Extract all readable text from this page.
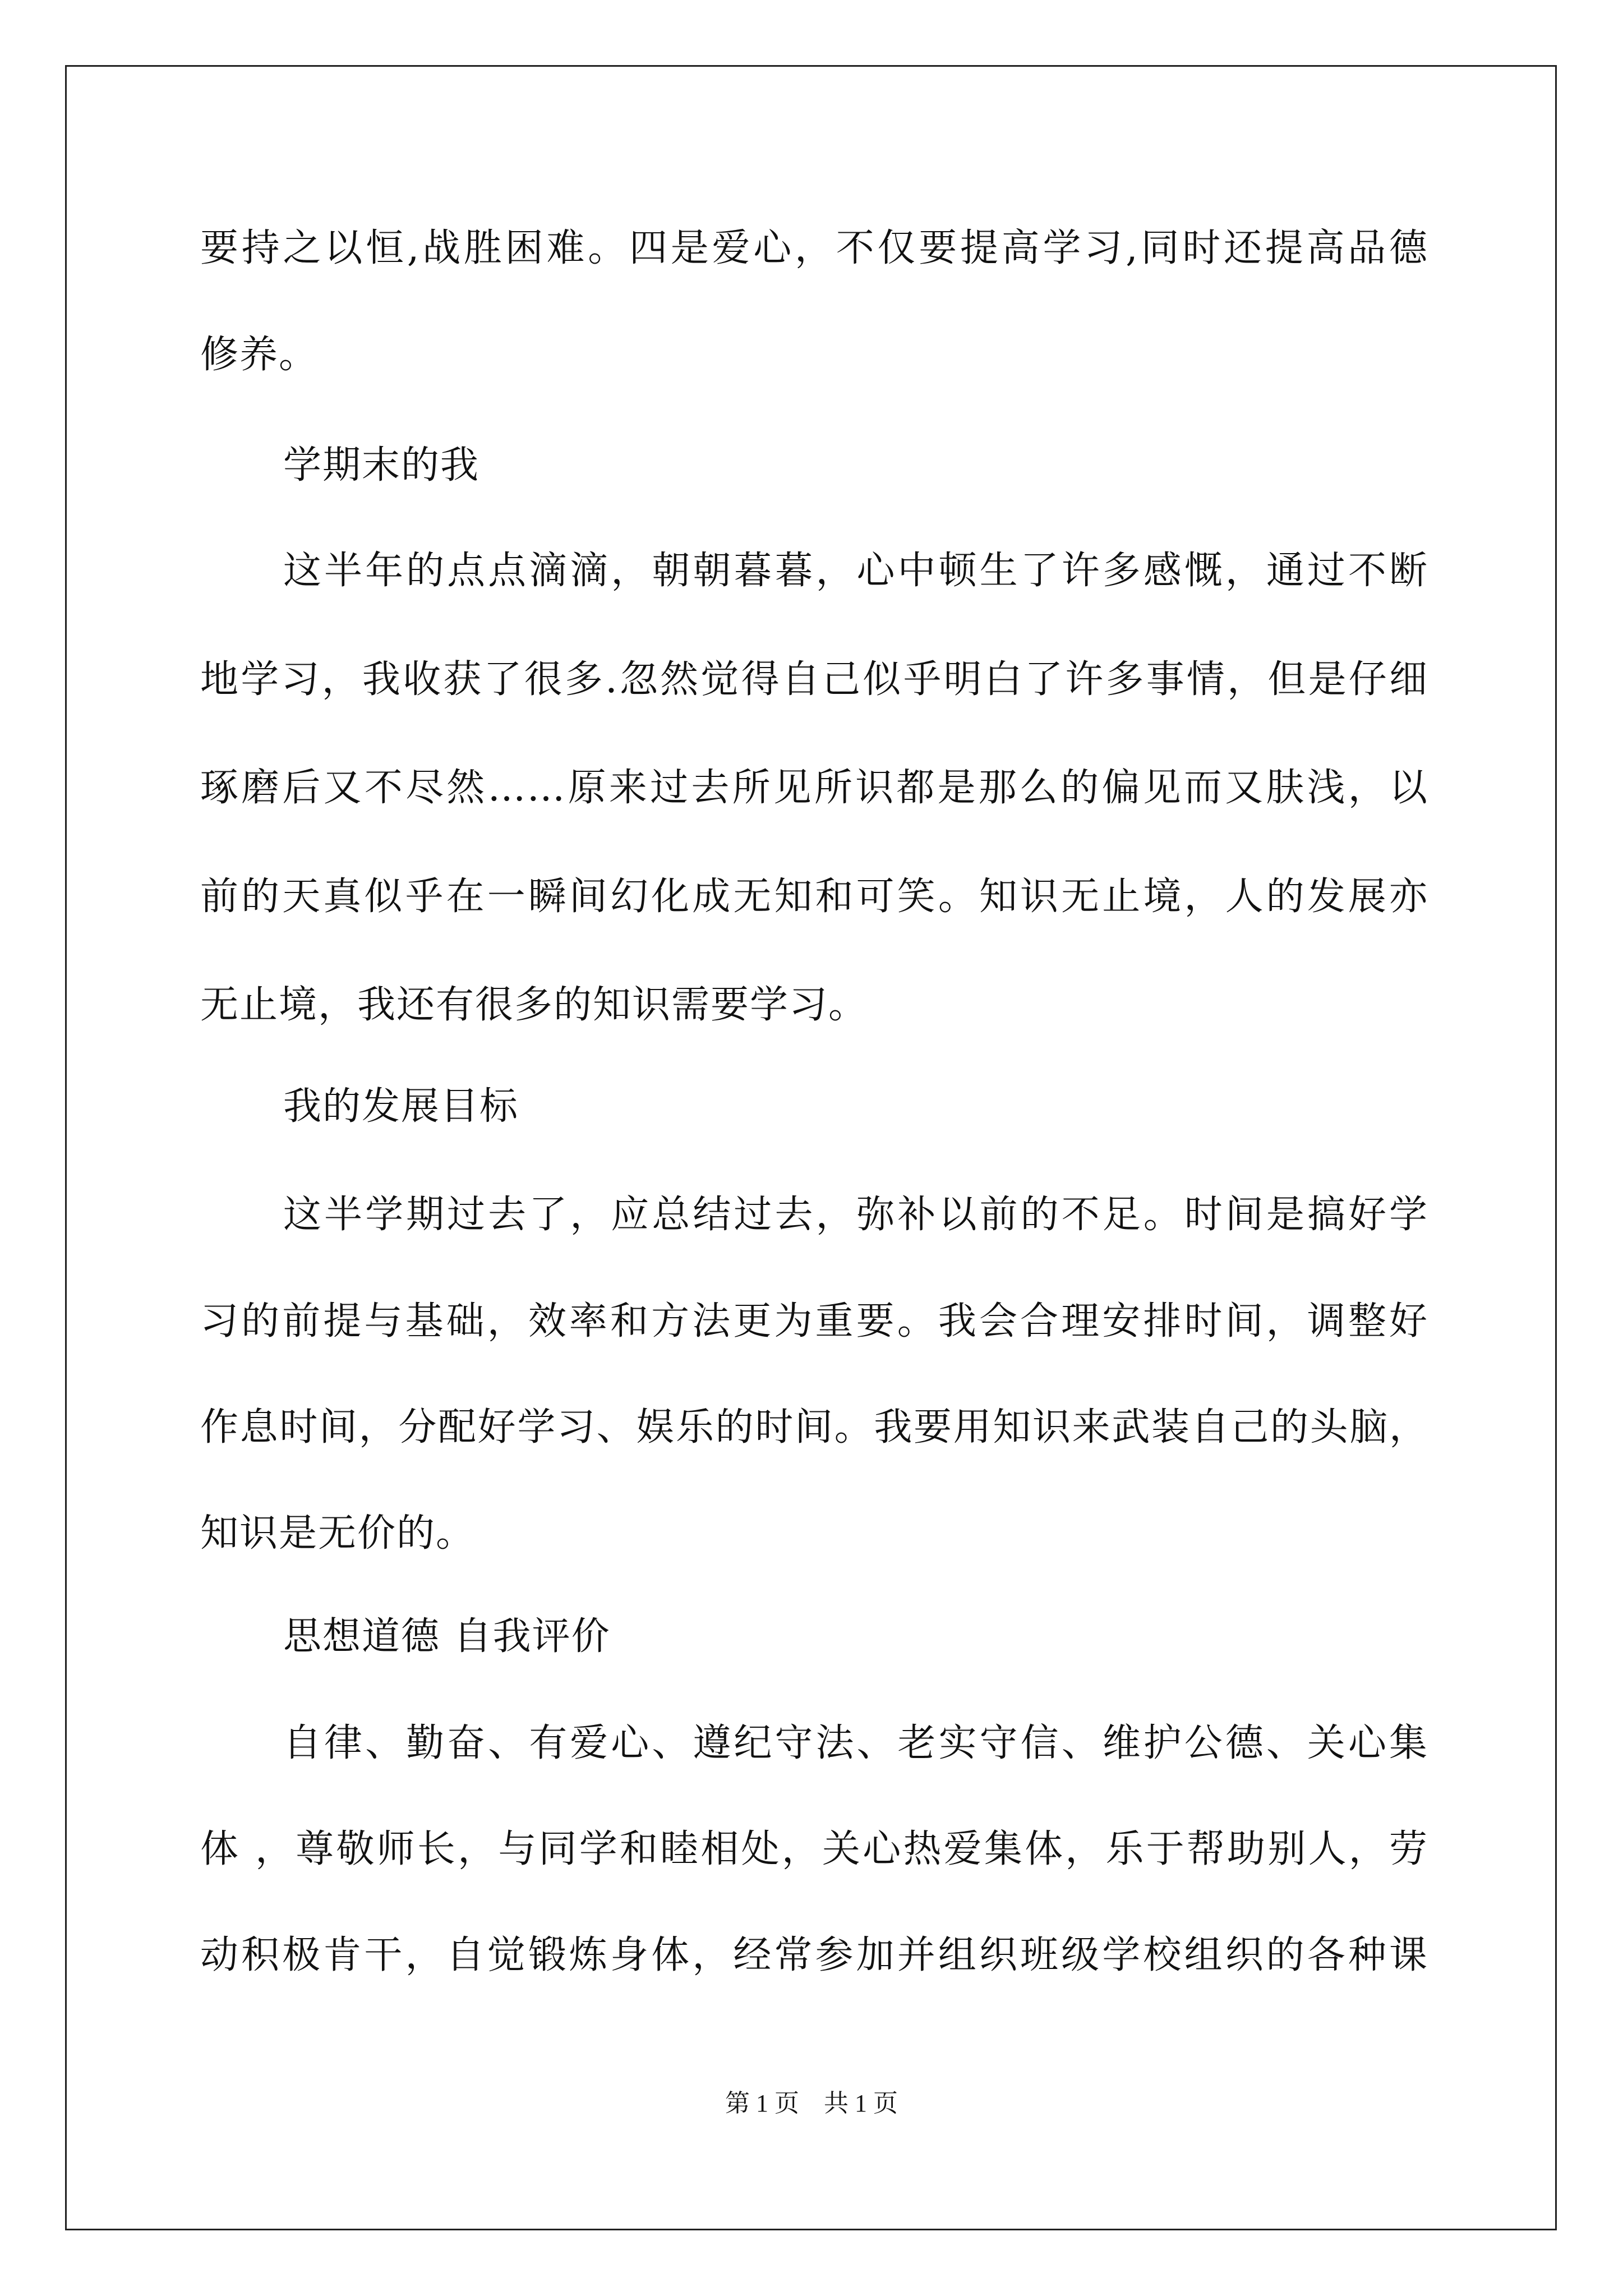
要持之以恒,战胜困难。四是爱心，不仅要提高学习,同时还提高品德
修养。
学期末的我
这半年的点点滴滴，朝朝暮暮，心中顿生了许多感慨，通过不断
地学习，我收获了很多.忽然觉得自己似乎明白了许多事情，但是仔细
琢磨后又不尽然……原来过去所见所识都是那么的偏见而又肤浅，以
前的天真似乎在一瞬间幻化成无知和可笑。知识无止境，人的发展亦
无止境，我还有很多的知识需要学习。
我的发展目标
这半学期过去了，应总结过去，弥补以前的不足。时间是搞好学
习的前提与基础，效率和方法更为重要。我会合理安排时间，调整好
作息时间，分配好学习、娱乐的时间。我要用知识来武装自己的头脑，
知识是无价的。
思想道德 自我评价
自律、勤奋、有爱心、遵纪守法、老实守信、维护公德、关心集
体 ，尊敬师长，与同学和睦相处，关心热爱集体，乐于帮助别人，劳
动积极肯干，自觉锻炼身体，经常参加并组织班级学校组织的各种课
第 1 页　共 1 页
